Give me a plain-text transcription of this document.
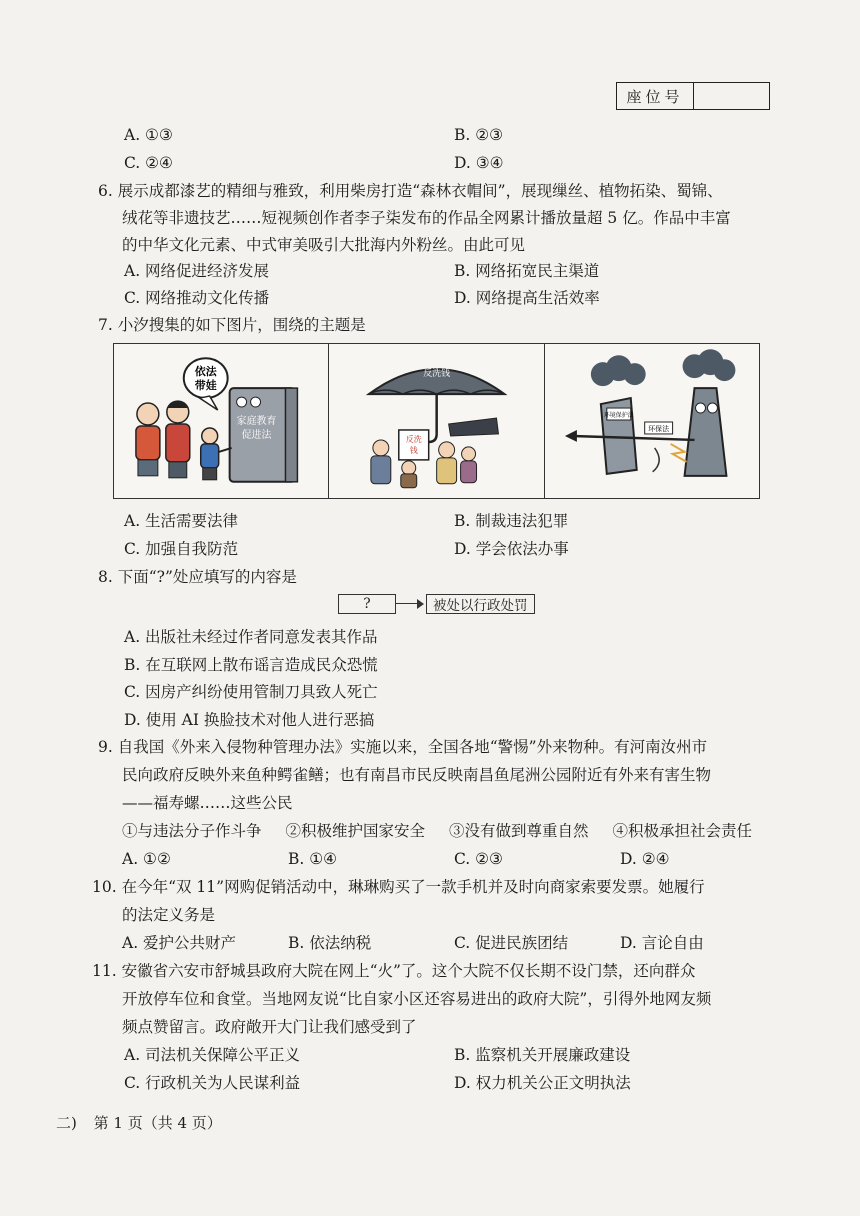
座位号
A. ①③	B. ②③
C. ②④	D. ③④
6. 展示成都漆艺的精细与雅致，利用柴房打造“森林衣帽间”，展现缫丝、植物拓染、蜀锦、
绒花等非遗技艺……短视频创作者李子柒发布的作品全网累计播放量超 5 亿。作品中丰富
的中华文化元素、中式审美吸引大批海内外粉丝。由此可见
A. 网络促进经济发展	B. 网络拓宽民主渠道
C. 网络推动文化传播	D. 网络提高生活效率
7. 小汐搜集的如下图片，围绕的主题是
依法
带娃
家庭教育
促进法
反洗钱
反洗
钱
环境保护法
环保法
A. 生活需要法律	B. 制裁违法犯罪
C. 加强自我防范	D. 学会依法办事
8. 下面“?”处应填写的内容是
?	被处以行政处罚
A. 出版社未经过作者同意发表其作品
B. 在互联网上散布谣言造成民众恐慌
C. 因房产纠纷使用管制刀具致人死亡
D. 使用 AI 换脸技术对他人进行恶搞
9. 自我国《外来入侵物种管理办法》实施以来，全国各地“警惕”外来物种。有河南汝州市
民向政府反映外来鱼种鳄雀鳝；也有南昌市民反映南昌鱼尾洲公园附近有外来有害生物
——福寿螺……这些公民
①与违法分子作斗争 ②积极维护国家安全 ③没有做到尊重自然 ④积极承担社会责任
A. ①②	B. ①④	C. ②③	D. ②④
10. 在今年“双 11”网购促销活动中，琳琳购买了一款手机并及时向商家索要发票。她履行
的法定义务是
A. 爱护公共财产	B. 依法纳税	C. 促进民族团结	D. 言论自由
11. 安徽省六安市舒城县政府大院在网上“火”了。这个大院不仅长期不设门禁，还向群众
开放停车位和食堂。当地网友说“比自家小区还容易进出的政府大院”，引得外地网友频
频点赞留言。政府敞开大门让我们感受到了
A. 司法机关保障公平正义	B. 监察机关开展廉政建设
C. 行政机关为人民谋利益	D. 权力机关公正文明执法
二) 第 1 页（共 4 页）
